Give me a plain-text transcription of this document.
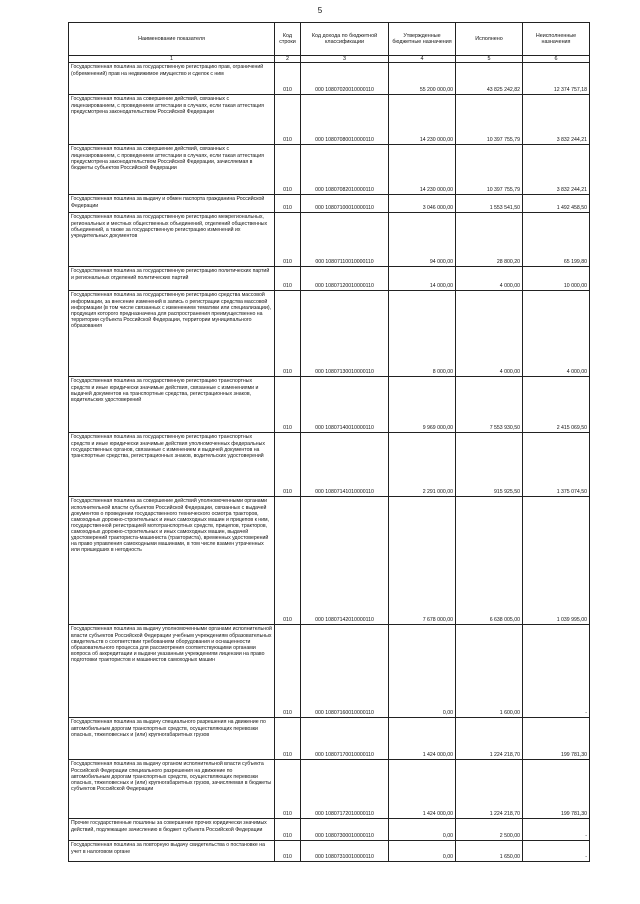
5
Наименование показателя	Код строки	Код дохода по бюджетной классификации	Утвержденные бюджетные назначения	Исполнено	Неисполненные назначения
1	2	3	4	5	6
Государственная пошлина за государственную регистрацию прав, ограничений (обременений) прав на недвижимое имущество и сделок с ним	010	000 10807020010000110	55 200 000,00	43 825 242,82	12 374 757,18
Государственная пошлина за совершение действий, связанных с лицензированием, с проведением аттестации в случаях, если такая аттестация предусмотрена законодательством Российской Федерации	010	000 10807080010000110	14 230 000,00	10 397 755,79	3 832 244,21
Государственная пошлина за совершение действий, связанных с лицензированием, с проведением аттестации в случаях, если такая аттестация предусмотрена законодательством Российской Федерации, зачисляемая в бюджеты субъектов Российской Федерации	010	000 10807082010000110	14 230 000,00	10 397 755,79	3 832 244,21
Государственная пошлина за выдачу и обмен паспорта гражданина Российской Федерации	010	000 10807100010000110	3 046 000,00	1 553 541,50	1 492 458,50
Государственная пошлина за государственную регистрацию межрегиональных, региональных и местных общественных объединений, отделений общественных объединений, а также за государственную регистрацию изменений их учредительных документов	010	000 10807110010000110	94 000,00	28 800,20	65 199,80
Государственная пошлина за государственную регистрацию политических партий и региональных отделений политических партий	010	000 10807120010000110	14 000,00	4 000,00	10 000,00
Государственная пошлина за государственную регистрацию средства массовой информации, за внесение изменений в запись о регистрации средства массовой информации (в том числе связанных с изменением тематики или специализации), продукция которого предназначена для распространения преимущественно на территории субъекта Российской Федерации, территории муниципального образования	010	000 10807130010000110	8 000,00	4 000,00	4 000,00
Государственная пошлина за государственную регистрацию транспортных средств и иные юридически значимые действия, связанные с изменениями и выдачей документов на транспортные средства, регистрационных знаков, водительских удостоверений	010	000 10807140010000110	9 969 000,00	7 553 930,50	2 415 069,50
Государственная пошлина за государственную регистрацию транспортных средств и иные юридически значимые действия уполномоченных федеральных государственных органов, связанные с изменением и выдачей документов на транспортные средства, регистрационных знаков, водительских удостоверений	010	000 10807141010000110	2 291 000,00	915 925,50	1 375 074,50
Государственная пошлина за совершение действий уполномоченными органами исполнительной власти субъектов Российской Федерации, связанных с выдачей документов о проведении государственного технического осмотра тракторов, самоходных дорожно-строительных и иных самоходных машин и прицепов к ним, государственной регистрацией мототранспортных средств, прицепов, тракторов, самоходных дорожно-строительных и иных самоходных машин, выдачей удостоверений тракториста-машиниста (тракториста), временных удостоверений на право управления самоходными машинами, в том числе взамен утраченных или пришедших в негодность	010	000 10807142010000110	7 678 000,00	6 638 005,00	1 039 995,00
Государственная пошлина за выдачу уполномоченными органами исполнительной власти субъектов Российской Федерации учебным учреждениям образовательных свидетельств о соответствии требованиям оборудования и оснащенности образовательного процесса для рассмотрения соответствующими органами вопроса об аккредитации и выдачи указанным учреждениям лицензии на право подготовки трактористов и машинистов самоходных машин	010	000 10807160010000110	0,00	1 600,00	-
Государственная пошлина за выдачу специального разрешения на движение по автомобильным дорогам транспортных средств, осуществляющих перевозки опасных, тяжеловесных и (или) крупногабаритных грузов	010	000 10807170010000110	1 424 000,00	1 224 218,70	199 781,30
Государственная пошлина за выдачу органом исполнительной власти субъекта Российской Федерации специального разрешения на движение по автомобильным дорогам транспортных средств, осуществляющих перевозки опасных, тяжеловесных и (или) крупногабаритных грузов, зачисляемая в бюджеты субъектов Российской Федерации	010	000 10807172010000110	1 424 000,00	1 224 218,70	199 781,30
Прочие государственные пошлины за совершение прочих юридически значимых действий, подлежащие зачислению в бюджет субъекта Российской Федерации	010	000 10807300010000110	0,00	2 500,00	-
Государственная пошлина за повторную выдачу свидетельства о постановке на учет в налоговом органе	010	000 10807310010000110	0,00	1 650,00	-
